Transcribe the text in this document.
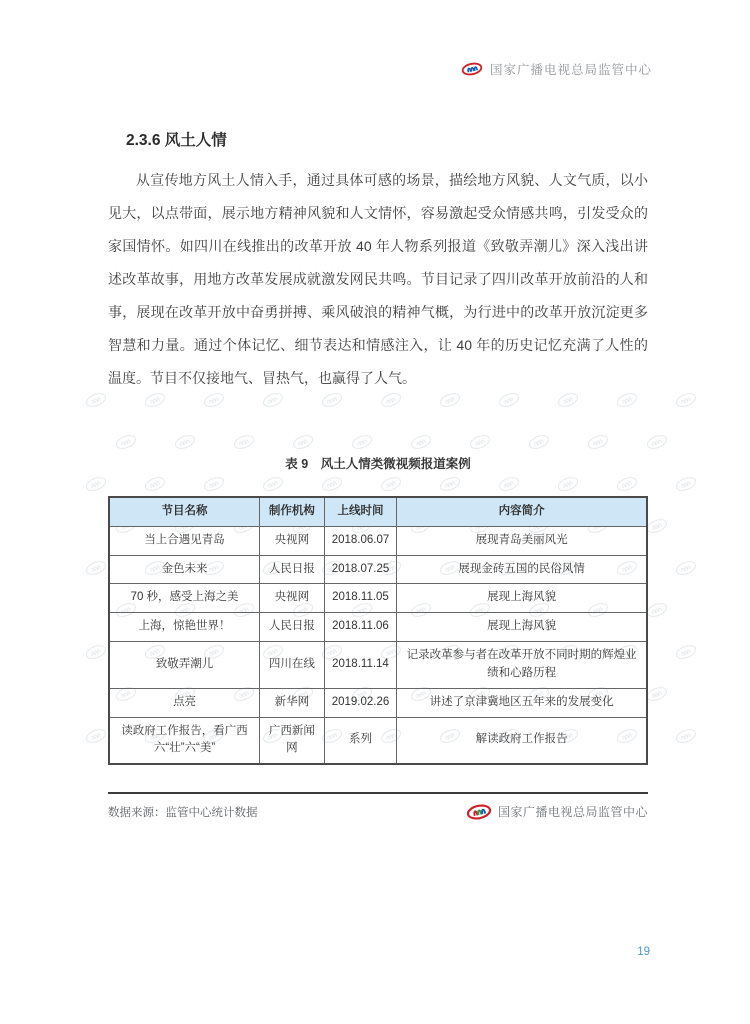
国家广播电视总局监管中心
2.3.6 风土人情

从宣传地方风土人情入手，通过具体可感的场景，描绘地方风貌、人文气质，以小见大，以点带面，展示地方精神风貌和人文情怀，容易激起受众情感共鸣，引发受众的家国情怀。如四川在线推出的改革开放 40 年人物系列报道《致敬弄潮儿》深入浅出讲述改革故事，用地方改革发展成就激发网民共鸣。节目记录了四川改革开放前沿的人和事，展现在改革开放中奋勇拼搏、乘风破浪的精神气概，为行进中的改革开放沉淀更多智慧和力量。通过个体记忆、细节表达和情感注入，让 40 年的历史记忆充满了人性的温度。节目不仅接地气、冒热气，也赢得了人气。

表 9　风土人情类微视频报道案例
节目名称	制作机构	上线时间	内容简介
当上合遇见青岛	央视网	2018.06.07	展现青岛美丽风光
金色未来	人民日报	2018.07.25	展现金砖五国的民俗风情
70 秒，感受上海之美	央视网	2018.11.05	展现上海风貌
上海，惊艳世界！	人民日报	2018.11.06	展现上海风貌
致敬弄潮儿	四川在线	2018.11.14	记录改革参与者在改革开放不同时期的辉煌业绩和心路历程
点亮	新华网	2019.02.26	讲述了京津冀地区五年来的发展变化
读政府工作报告，看广西六“壮”六“美”	广西新闻网	系列	解读政府工作报告
数据来源：监管中心统计数据	国家广播电视总局监管中心
19
